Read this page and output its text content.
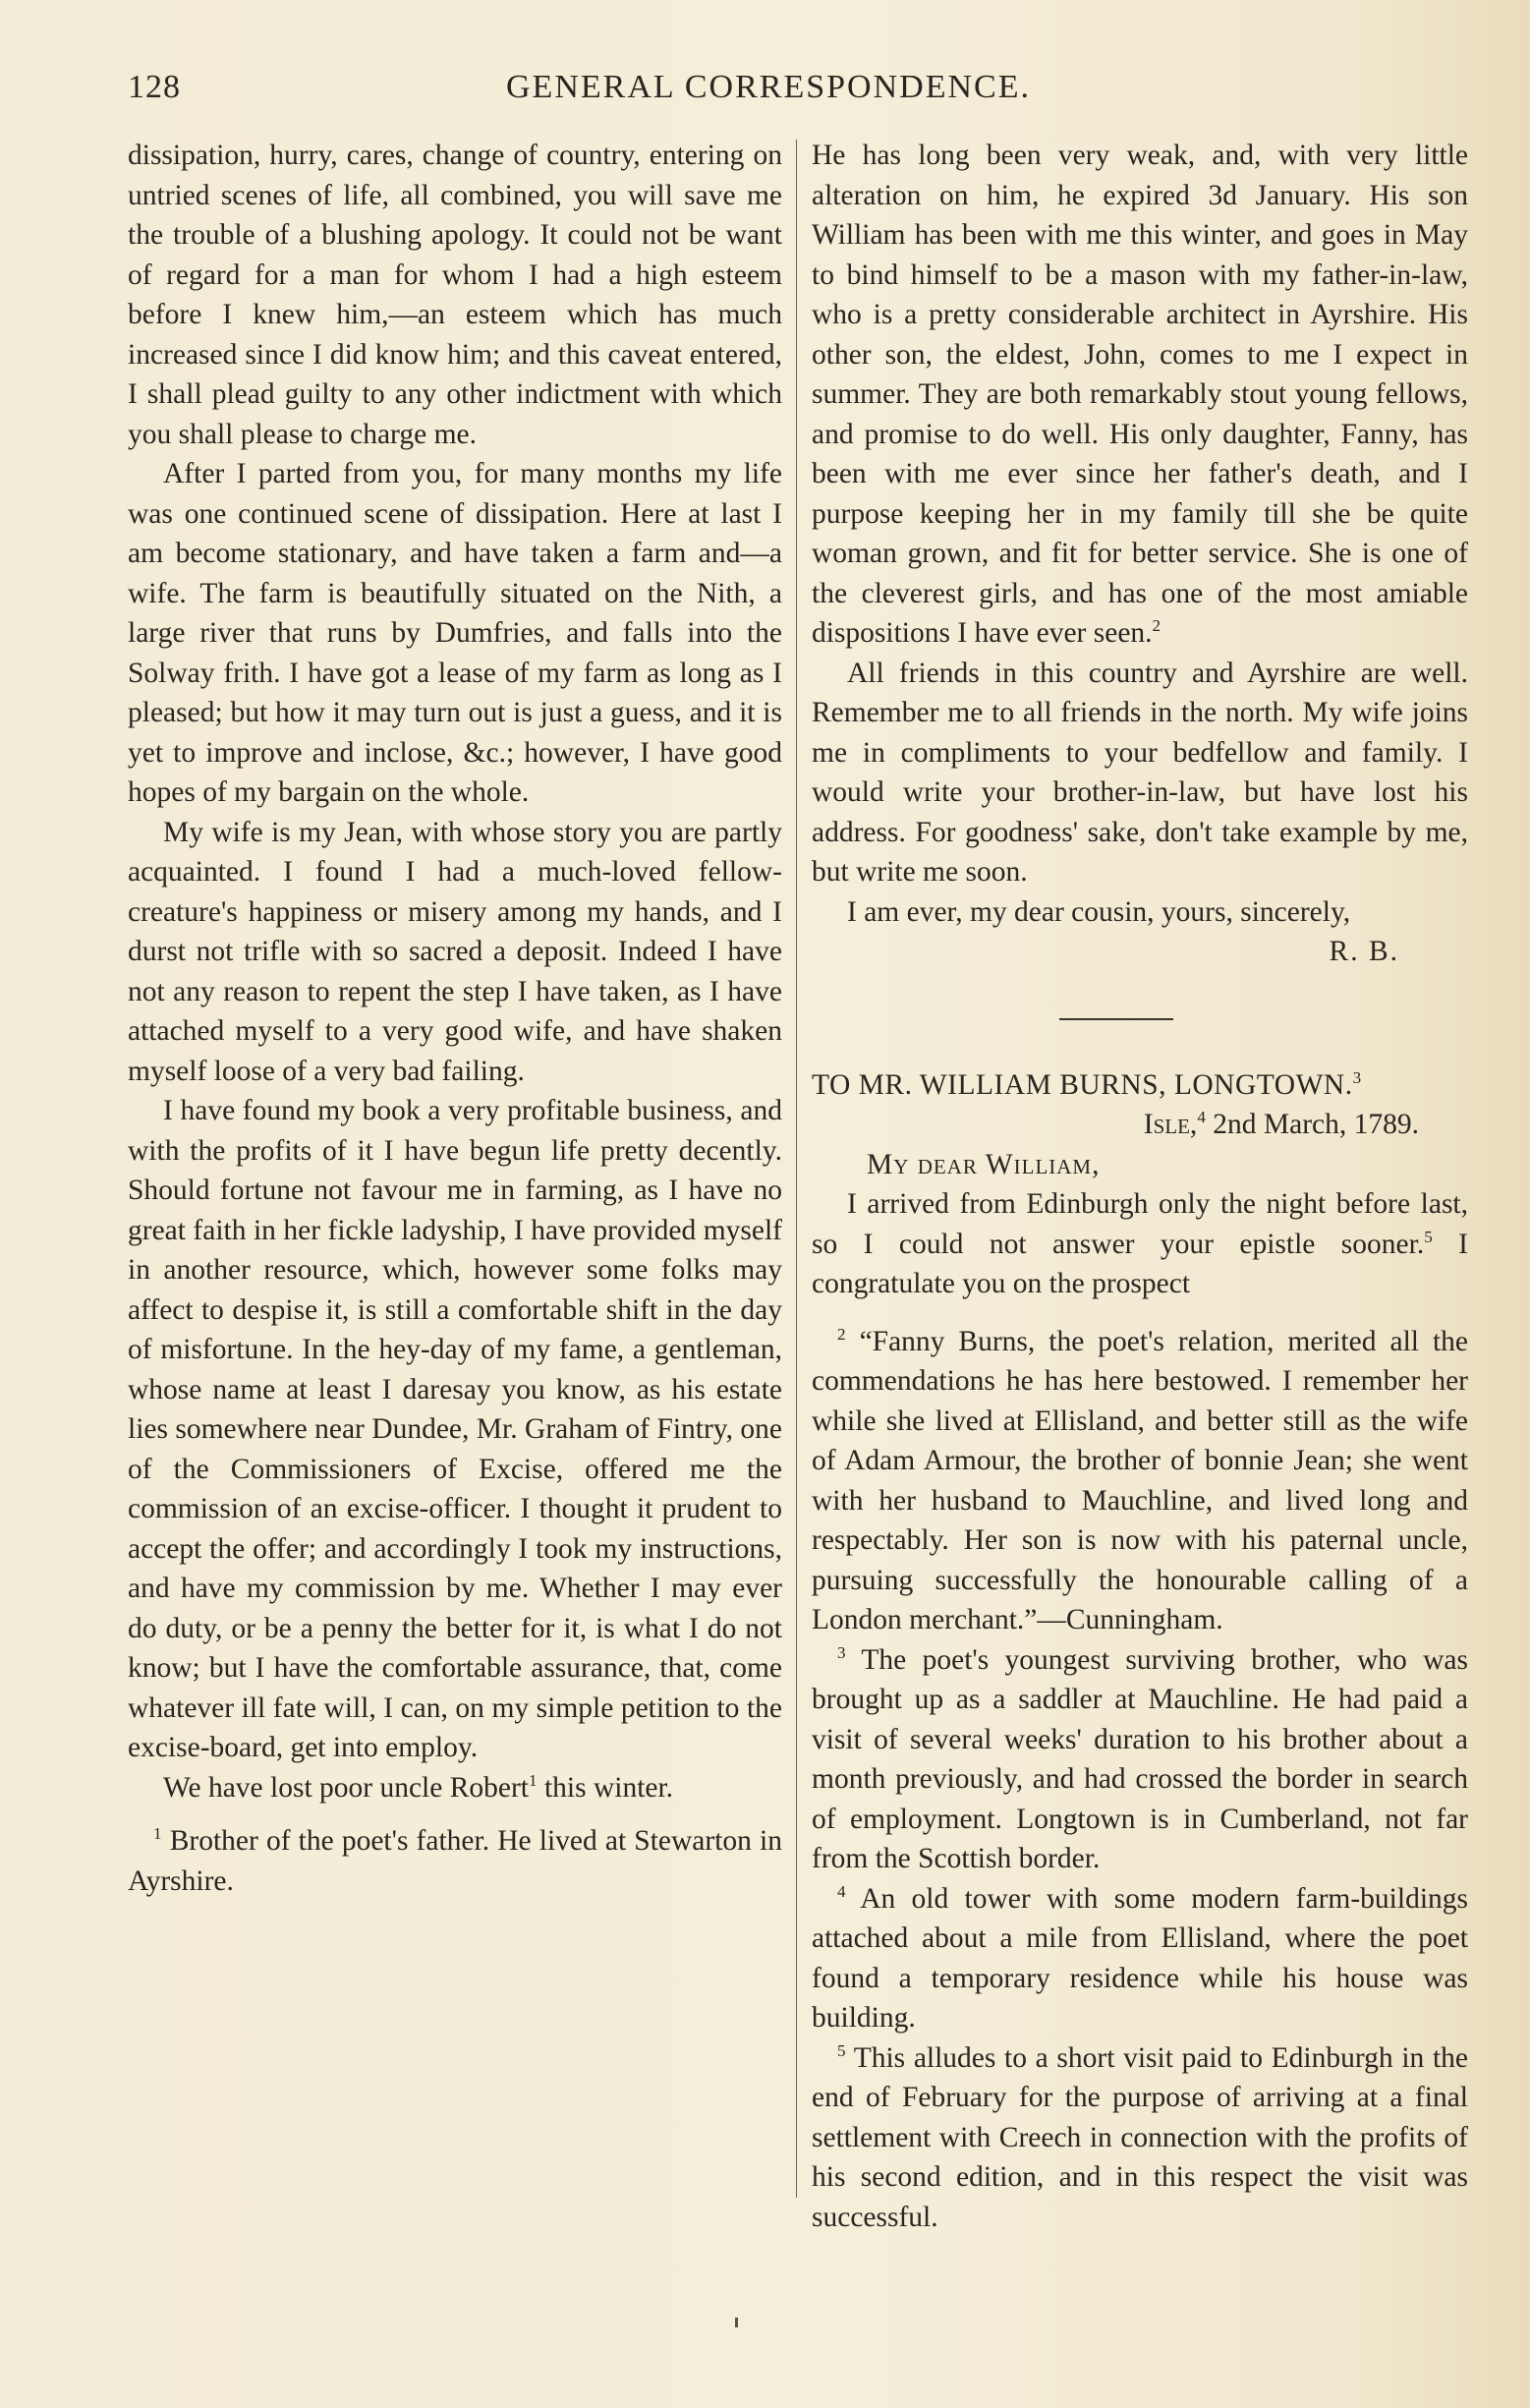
128	GENERAL CORRESPONDENCE.

dissipation, hurry, cares, change of country, entering on untried scenes of life, all combined, you will save me the trouble of a blushing apology. It could not be want of regard for a man for whom I had a high esteem before I knew him,—an esteem which has much increased since I did know him; and this caveat entered, I shall plead guilty to any other indictment with which you shall please to charge me.

After I parted from you, for many months my life was one continued scene of dissipation. Here at last I am become stationary, and have taken a farm and—a wife. The farm is beautifully situated on the Nith, a large river that runs by Dumfries, and falls into the Solway frith. I have got a lease of my farm as long as I pleased; but how it may turn out is just a guess, and it is yet to improve and inclose, &c.; however, I have good hopes of my bargain on the whole.

My wife is my Jean, with whose story you are partly acquainted. I found I had a much-loved fellow-creature's happiness or misery among my hands, and I durst not trifle with so sacred a deposit. Indeed I have not any reason to repent the step I have taken, as I have attached myself to a very good wife, and have shaken myself loose of a very bad failing.

I have found my book a very profitable business, and with the profits of it I have begun life pretty decently. Should fortune not favour me in farming, as I have no great faith in her fickle ladyship, I have provided myself in another resource, which, however some folks may affect to despise it, is still a comfortable shift in the day of misfortune. In the hey-day of my fame, a gentleman, whose name at least I daresay you know, as his estate lies somewhere near Dundee, Mr. Graham of Fintry, one of the Commissioners of Excise, offered me the commission of an excise-officer. I thought it prudent to accept the offer; and accordingly I took my instructions, and have my commission by me. Whether I may ever do duty, or be a penny the better for it, is what I do not know; but I have the comfortable assurance, that, come whatever ill fate will, I can, on my simple petition to the excise-board, get into employ.

We have lost poor uncle Robert$^1$ this winter.

$^1$ Brother of the poet's father. He lived at Stewarton in Ayrshire.

He has long been very weak, and, with very little alteration on him, he expired 3d January. His son William has been with me this winter, and goes in May to bind himself to be a mason with my father-in-law, who is a pretty considerable architect in Ayrshire. His other son, the eldest, John, comes to me I expect in summer. They are both remarkably stout young fellows, and promise to do well. His only daughter, Fanny, has been with me ever since her father's death, and I purpose keeping her in my family till she be quite woman grown, and fit for better service. She is one of the cleverest girls, and has one of the most amiable dispositions I have ever seen.$^2$

All friends in this country and Ayrshire are well. Remember me to all friends in the north. My wife joins me in compliments to your bedfellow and family. I would write your brother-in-law, but have lost his address. For goodness' sake, don't take example by me, but write me soon.

I am ever, my dear cousin, yours, sincerely,

R. B.

TO MR. WILLIAM BURNS, LONGTOWN.$^3$

Isle,$^4$ 2nd March, 1789.

My dear William,

I arrived from Edinburgh only the night before last, so I could not answer your epistle sooner.$^5$ I congratulate you on the prospect

$^2$ “Fanny Burns, the poet's relation, merited all the commendations he has here bestowed. I remember her while she lived at Ellisland, and better still as the wife of Adam Armour, the brother of bonnie Jean; she went with her husband to Mauchline, and lived long and respectably. Her son is now with his paternal uncle, pursuing successfully the honourable calling of a London merchant.”—Cunningham.

$^3$ The poet's youngest surviving brother, who was brought up as a saddler at Mauchline. He had paid a visit of several weeks' duration to his brother about a month previously, and had crossed the border in search of employment. Longtown is in Cumberland, not far from the Scottish border.

$^4$ An old tower with some modern farm-buildings attached about a mile from Ellisland, where the poet found a temporary residence while his house was building.

$^5$ This alludes to a short visit paid to Edinburgh in the end of February for the purpose of arriving at a final settlement with Creech in connection with the profits of his second edition, and in this respect the visit was successful.
